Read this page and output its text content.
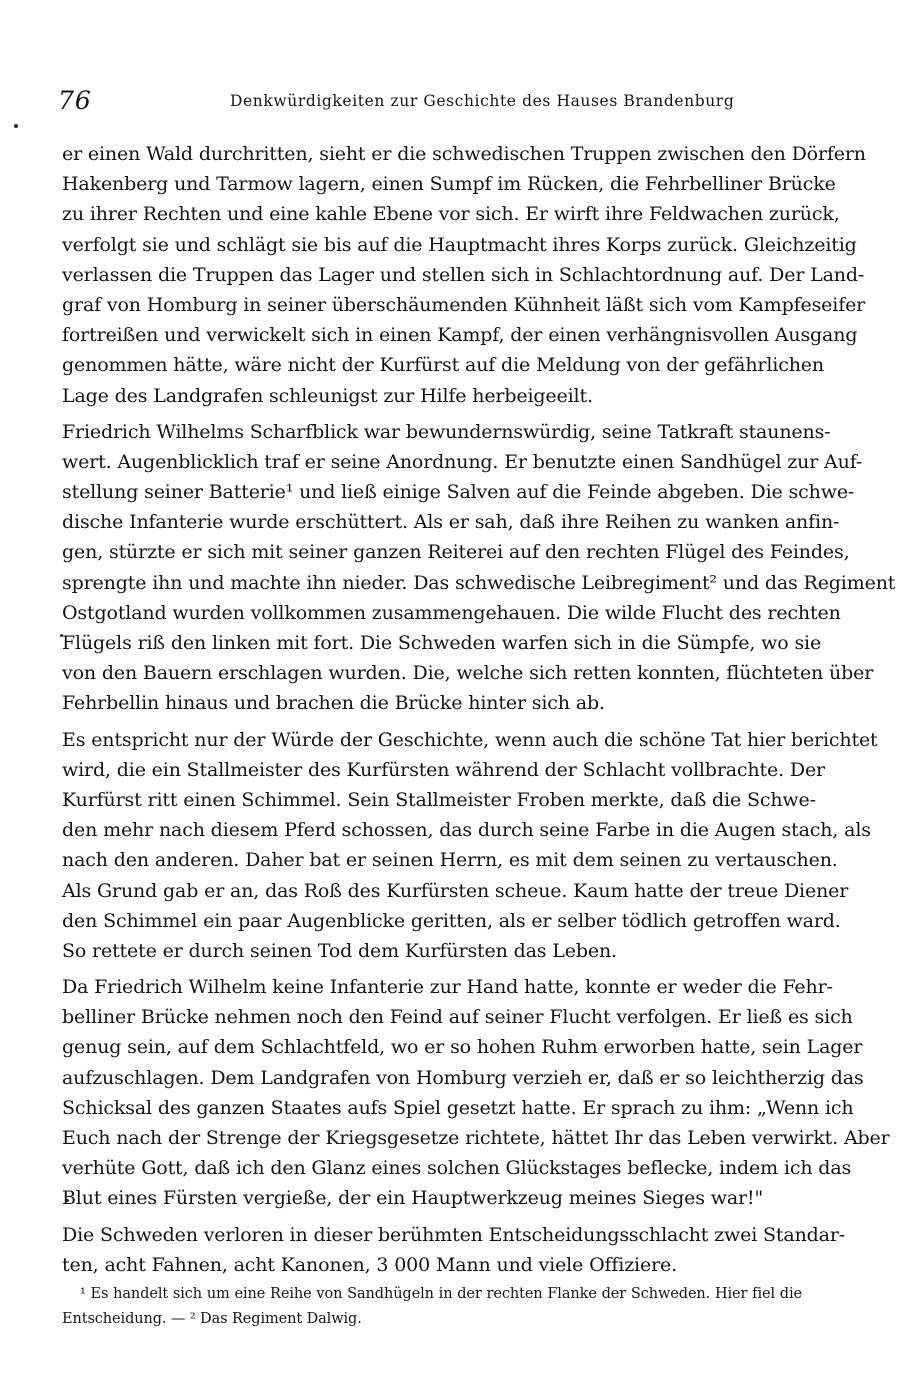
76	Denkwürdigkeiten zur Geschichte des Hauses Brandenburg
er einen Wald durchritten, sieht er die schwedischen Truppen zwischen den Dörfern
Hakenberg und Tarmow lagern, einen Sumpf im Rücken, die Fehrbelliner Brücke
zu ihrer Rechten und eine kahle Ebene vor sich. Er wirft ihre Feldwachen zurück,
verfolgt sie und schlägt sie bis auf die Hauptmacht ihres Korps zurück. Gleichzeitig
verlassen die Truppen das Lager und stellen sich in Schlachtordnung auf. Der Land-
graf von Homburg in seiner überschäumenden Kühnheit läßt sich vom Kampfeseifer
fortreißen und verwickelt sich in einen Kampf, der einen verhängnisvollen Ausgang
genommen hätte, wäre nicht der Kurfürst auf die Meldung von der gefährlichen
Lage des Landgrafen schleunigst zur Hilfe herbeigeeilt.
Friedrich Wilhelms Scharfblick war bewundernswürdig, seine Tatkraft staunens-
wert. Augenblicklich traf er seine Anordnung. Er benutzte einen Sandhügel zur Auf-
stellung seiner Batterie¹ und ließ einige Salven auf die Feinde abgeben. Die schwe-
dische Infanterie wurde erschüttert. Als er sah, daß ihre Reihen zu wanken anfin-
gen, stürzte er sich mit seiner ganzen Reiterei auf den rechten Flügel des Feindes,
sprengte ihn und machte ihn nieder. Das schwedische Leibregiment² und das Regiment
Ostgotland wurden vollkommen zusammengehauen. Die wilde Flucht des rechten
Flügels riß den linken mit fort. Die Schweden warfen sich in die Sümpfe, wo sie
von den Bauern erschlagen wurden. Die, welche sich retten konnten, flüchteten über
Fehrbellin hinaus und brachen die Brücke hinter sich ab.
Es entspricht nur der Würde der Geschichte, wenn auch die schöne Tat hier berichtet
wird, die ein Stallmeister des Kurfürsten während der Schlacht vollbrachte. Der
Kurfürst ritt einen Schimmel. Sein Stallmeister Froben merkte, daß die Schwe-
den mehr nach diesem Pferd schossen, das durch seine Farbe in die Augen stach, als
nach den anderen. Daher bat er seinen Herrn, es mit dem seinen zu vertauschen.
Als Grund gab er an, das Roß des Kurfürsten scheue. Kaum hatte der treue Diener
den Schimmel ein paar Augenblicke geritten, als er selber tödlich getroffen ward.
So rettete er durch seinen Tod dem Kurfürsten das Leben.
Da Friedrich Wilhelm keine Infanterie zur Hand hatte, konnte er weder die Fehr-
belliner Brücke nehmen noch den Feind auf seiner Flucht verfolgen. Er ließ es sich
genug sein, auf dem Schlachtfeld, wo er so hohen Ruhm erworben hatte, sein Lager
aufzuschlagen. Dem Landgrafen von Homburg verzieh er, daß er so leichtherzig das
Schicksal des ganzen Staates aufs Spiel gesetzt hatte. Er sprach zu ihm: „Wenn ich
Euch nach der Strenge der Kriegsgesetze richtete, hättet Ihr das Leben verwirkt. Aber
verhüte Gott, daß ich den Glanz eines solchen Glückstages beflecke, indem ich das
Blut eines Fürsten vergieße, der ein Hauptwerkzeug meines Sieges war!"
Die Schweden verloren in dieser berühmten Entscheidungsschlacht zwei Standar-
ten, acht Fahnen, acht Kanonen, 3 000 Mann und viele Offiziere.
¹ Es handelt sich um eine Reihe von Sandhügeln in der rechten Flanke der Schweden. Hier fiel die
Entscheidung. — ² Das Regiment Dalwig.
